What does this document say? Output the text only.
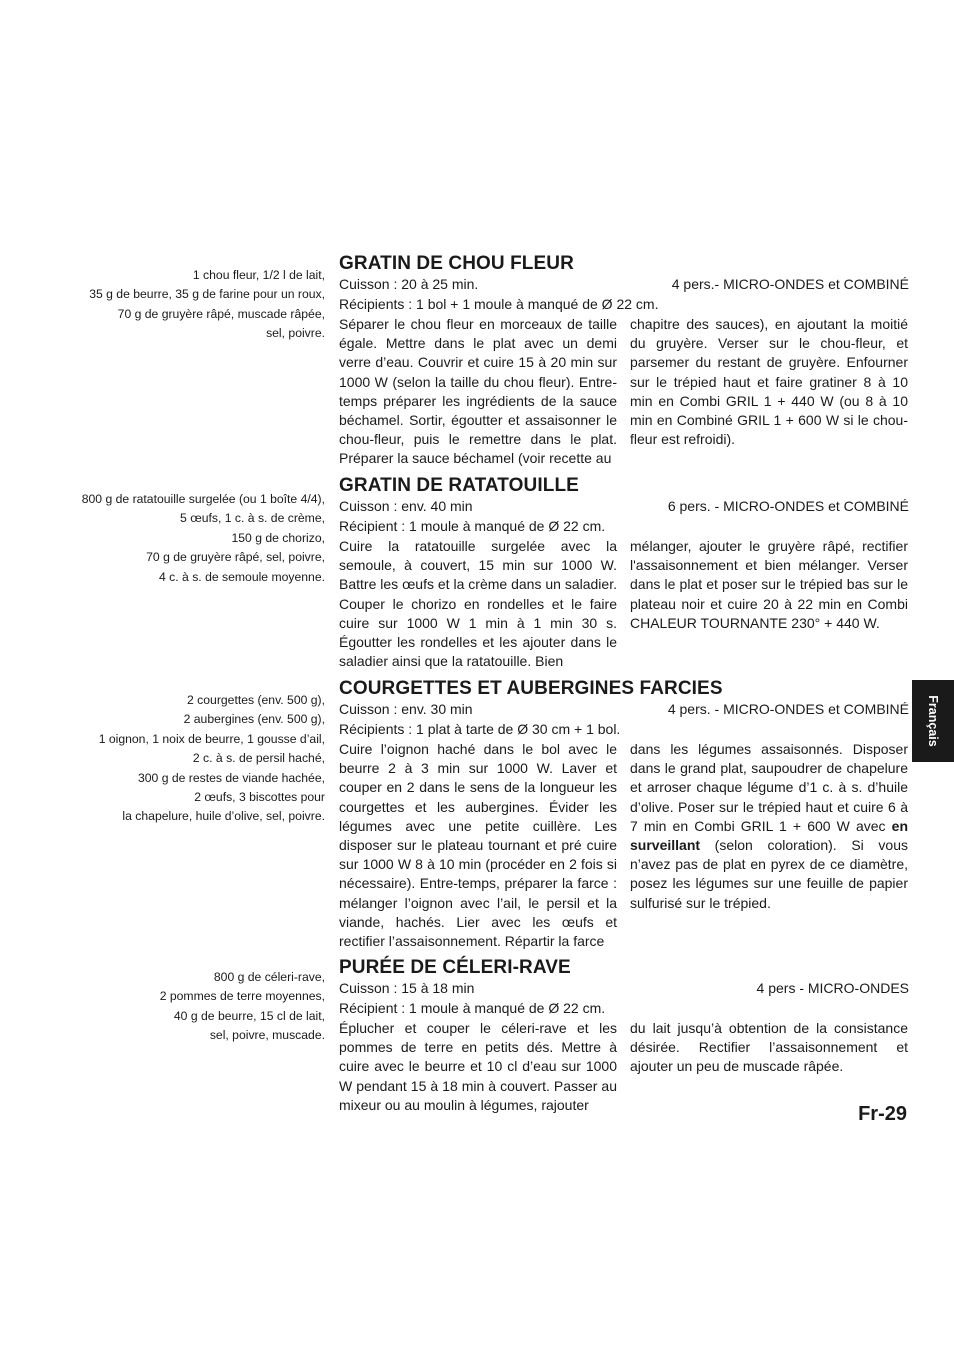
1 chou fleur, 1/2 l de lait,
35 g de beurre, 35 g de farine pour un roux,
70 g de gruyère râpé, muscade râpée,
sel, poivre.
GRATIN DE CHOU FLEUR
Cuisson : 20 à 25 min.	4 pers.- MICRO-ONDES et COMBINÉ
Récipients : 1 bol + 1 moule à manqué de Ø 22 cm.
Séparer le chou fleur en morceaux de taille égale. Mettre dans le plat avec un demi verre d’eau. Couvrir et cuire 15 à 20 min sur 1000 W (selon la taille du chou fleur). Entre-temps préparer les ingrédients de la sauce béchamel. Sortir, égoutter et assaisonner le chou-fleur, puis le remettre dans le plat. Préparer la sauce béchamel (voir recette au
chapitre des sauces), en ajoutant la moitié du gruyère. Verser sur le chou-fleur, et parsemer du restant de gruyère. Enfourner sur le trépied haut et faire gratiner 8 à 10 min en Combi GRIL 1 + 440 W (ou 8 à 10 min en Combiné GRIL 1 + 600 W si le chou-fleur est refroidi).
800 g de ratatouille surgelée (ou 1 boîte 4/4),
5 œufs, 1 c. à s. de crème,
150 g de chorizo,
70 g de gruyère râpé, sel, poivre,
4 c. à s. de semoule moyenne.
GRATIN DE RATATOUILLE
Cuisson : env. 40 min	6 pers. - MICRO-ONDES et COMBINÉ
Récipient : 1 moule à manqué de Ø 22 cm.
Cuire la ratatouille surgelée avec la semoule, à couvert, 15 min sur 1000 W. Battre les œufs et la crème dans un saladier. Couper le chorizo en rondelles et le faire cuire sur 1000 W 1 min à 1 min 30 s. Égoutter les rondelles et les ajouter dans le saladier ainsi que la ratatouille. Bien
mélanger, ajouter le gruyère râpé, rectifier l'assaisonnement et bien mélanger. Verser dans le plat et poser sur le trépied bas sur le plateau noir et cuire 20 à 22 min en Combi CHALEUR TOURNANTE 230° + 440 W.
2 courgettes (env. 500 g),
2 aubergines (env. 500 g),
1 oignon, 1 noix de beurre, 1 gousse d’ail,
2 c. à s. de persil haché,
300 g de restes de viande hachée,
2 œufs, 3 biscottes pour
la chapelure, huile d’olive, sel, poivre.
COURGETTES ET AUBERGINES FARCIES
Cuisson : env. 30 min	4 pers. - MICRO-ONDES et COMBINÉ
Récipients : 1 plat à tarte de Ø 30 cm + 1 bol.
Cuire l’oignon haché dans le bol avec le beurre 2 à 3 min sur 1000 W. Laver et couper en 2 dans le sens de la longueur les courgettes et les aubergines. Évider les légumes avec une petite cuillère. Les disposer sur le plateau tournant et pré cuire sur 1000 W 8 à 10 min (procéder en 2 fois si nécessaire). Entre-temps, préparer la farce : mélanger l’oignon avec l’ail, le persil et la viande, hachés. Lier avec les œufs et rectifier l’assaisonnement. Répartir la farce
dans les légumes assaisonnés. Disposer dans le grand plat, saupoudrer de chapelure et arroser chaque légume d’1 c. à s. d’huile d’olive. Poser sur le trépied haut et cuire 6 à 7 min en Combi GRIL 1 + 600 W avec en surveillant (selon coloration). Si vous n’avez pas de plat en pyrex de ce diamètre, posez les légumes sur une feuille de papier sulfurisé sur le trépied.
800 g de céleri-rave,
2 pommes de terre moyennes,
40 g de beurre, 15 cl de lait,
sel, poivre, muscade.
PURÉE DE CÉLERI-RAVE
Cuisson : 15 à 18 min	4 pers - MICRO-ONDES
Récipient : 1 moule à manqué de Ø 22 cm.
Éplucher et couper le céleri-rave et les pommes de terre en petits dés. Mettre à cuire avec le beurre et 10 cl d’eau sur 1000 W pendant 15 à 18 min à couvert. Passer au mixeur ou au moulin à légumes, rajouter
du lait jusqu’à obtention de la consistance désirée. Rectifier l’assaisonnement et ajouter un peu de muscade râpée.
Français
Fr-29
